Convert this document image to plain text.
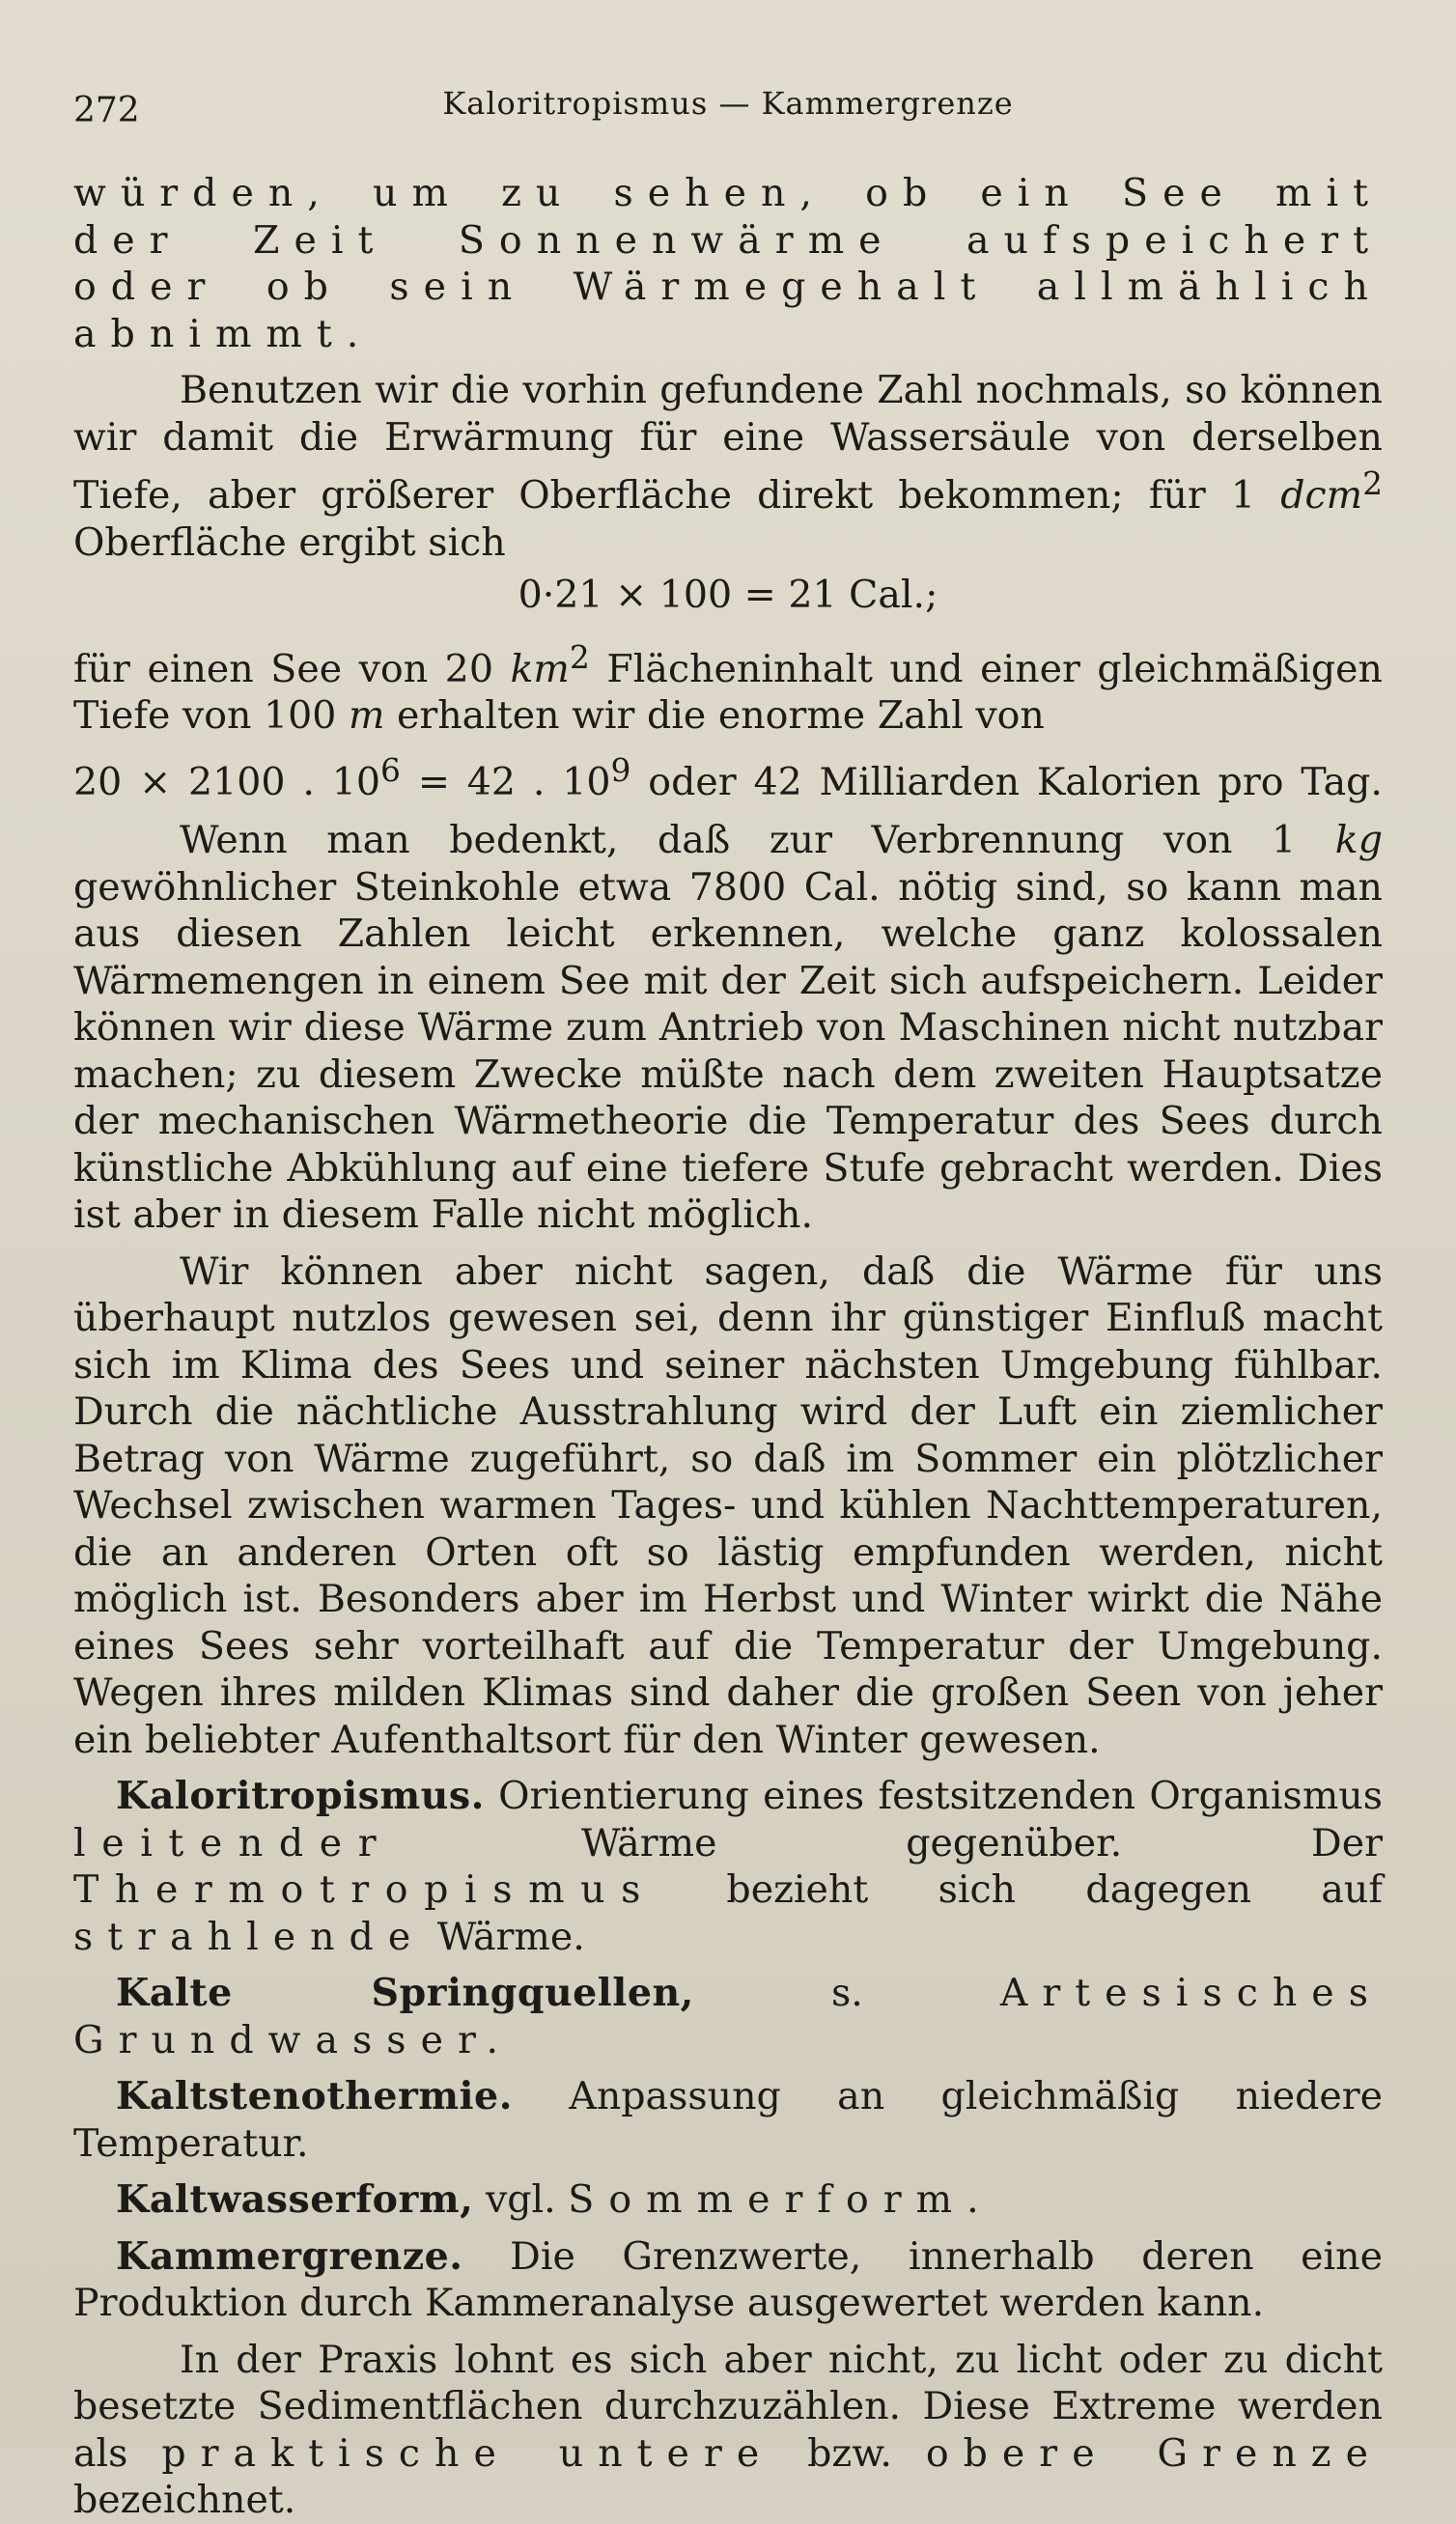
272	Kaloritropismus — Kammergrenze

würden, um zu sehen, ob ein See mit der Zeit Sonnenwärme aufspeichert oder ob sein Wärmegehalt allmählich abnimmt.

Benutzen wir die vorhin gefundene Zahl nochmals, so können wir damit die Erwärmung für eine Wassersäule von derselben Tiefe, aber größerer Oberfläche direkt bekommen; für 1 dcm$^2$ Oberfläche ergibt sich

0·21 × 100 = 21 Cal.;

für einen See von 20 $km^2$ Flächeninhalt und einer gleichmäßigen Tiefe von 100 m erhalten wir die enorme Zahl von

20 × 2100 . $10^6 = 42$ . $10^9$ oder 42 Milliarden Kalorien pro Tag.

Wenn man bedenkt, daß zur Verbrennung von 1 kg gewöhnlicher Steinkohle etwa 7800 Cal. nötig sind, so kann man aus diesen Zahlen leicht erkennen, welche ganz kolossalen Wärmemengen in einem See mit der Zeit sich aufspeichern. Leider können wir diese Wärme zum Antrieb von Maschinen nicht nutzbar machen; zu diesem Zwecke müßte nach dem zweiten Hauptsatze der mechanischen Wärmetheorie die Temperatur des Sees durch künstliche Abkühlung auf eine tiefere Stufe gebracht werden. Dies ist aber in diesem Falle nicht möglich.

Wir können aber nicht sagen, daß die Wärme für uns überhaupt nutzlos gewesen sei, denn ihr günstiger Einfluß macht sich im Klima des Sees und seiner nächsten Umgebung fühlbar. Durch die nächtliche Ausstrahlung wird der Luft ein ziemlicher Betrag von Wärme zugeführt, so daß im Sommer ein plötzlicher Wechsel zwischen warmen Tages- und kühlen Nachttemperaturen, die an anderen Orten oft so lästig empfunden werden, nicht möglich ist. Besonders aber im Herbst und Winter wirkt die Nähe eines Sees sehr vorteilhaft auf die Temperatur der Umgebung. Wegen ihres milden Klimas sind daher die großen Seen von jeher ein beliebter Aufenthaltsort für den Winter gewesen.

Kaloritropismus. Orientierung eines festsitzenden Organismus leitender Wärme gegenüber. Der Thermotropismus bezieht sich dagegen auf strahlende Wärme.

Kalte Springquellen, s. Artesisches Grundwasser.

Kaltstenothermie. Anpassung an gleichmäßig niedere Temperatur.

Kaltwasserform, vgl. Sommerform.

Kammergrenze. Die Grenzwerte, innerhalb deren eine Produktion durch Kammeranalyse ausgewertet werden kann.

In der Praxis lohnt es sich aber nicht, zu licht oder zu dicht besetzte Sedimentflächen durchzuzählen. Diese Extreme werden als praktische untere bzw. obere Grenze bezeichnet.
